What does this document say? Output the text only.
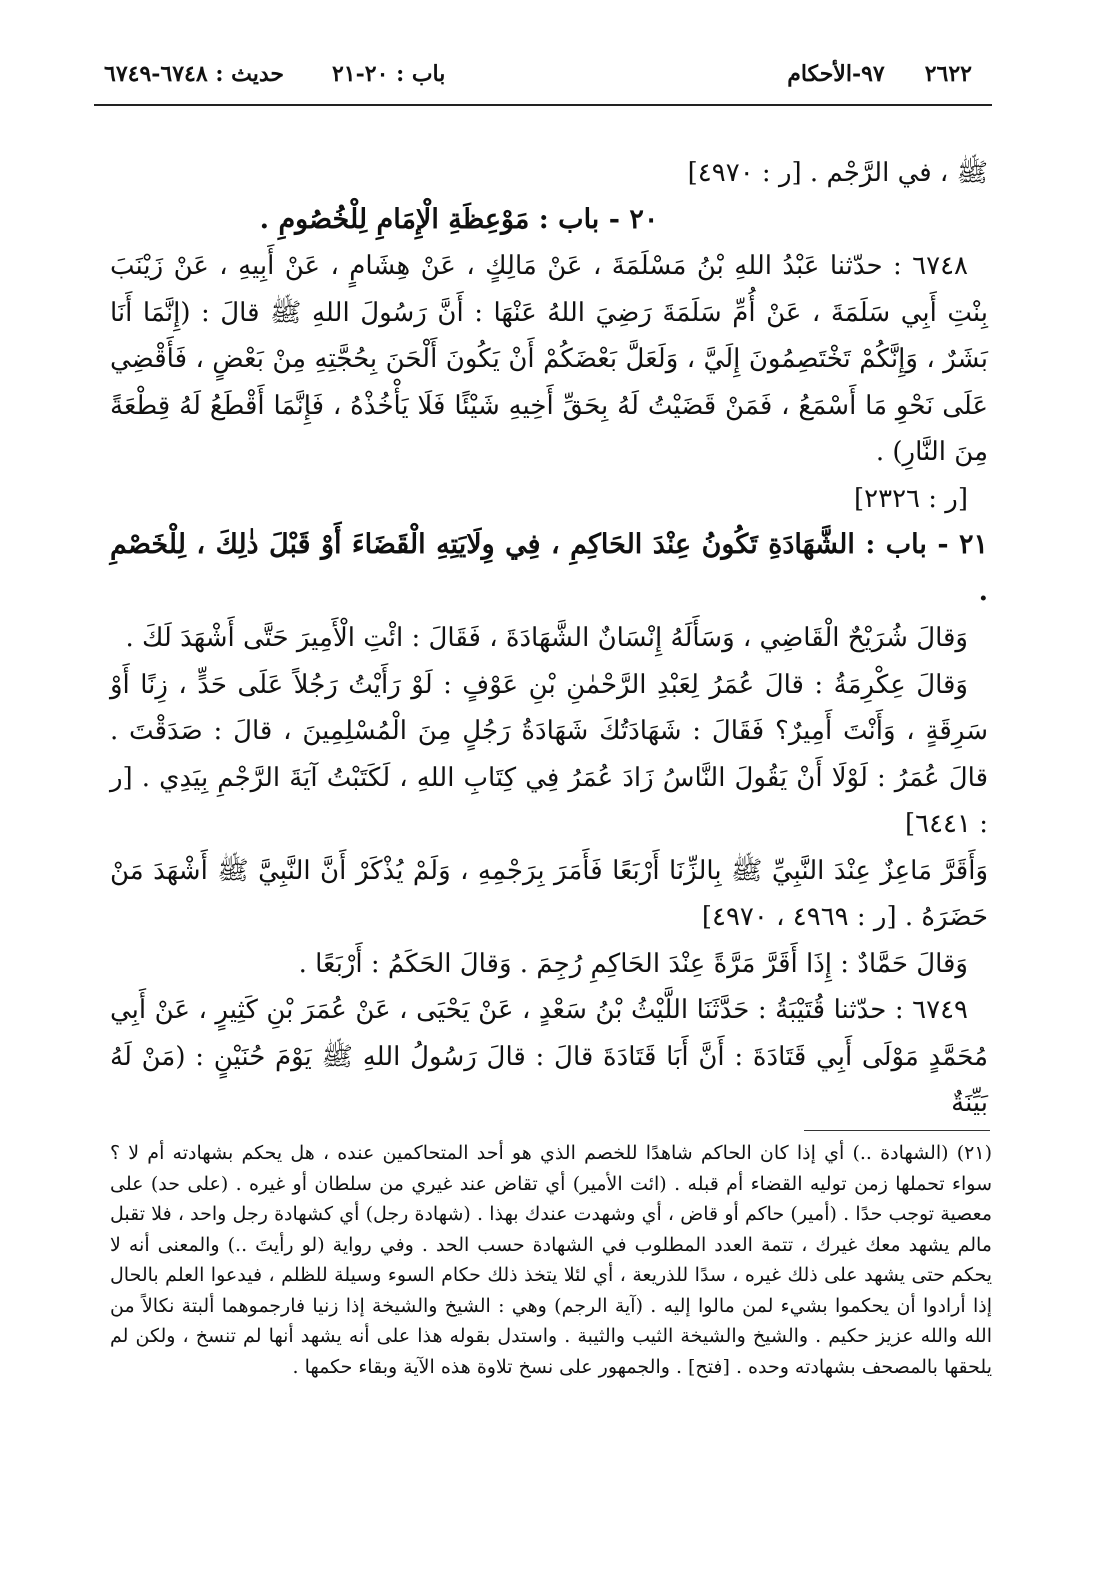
٢٦٢٢
٩٧-الأحكام
باب : ٢٠-٢١
حديث : ٦٧٤٨-٦٧٤٩

ﷺ ، في الرَّجْم . [ر : ٤٩٧٠]

٢٠ - باب : مَوْعِظَةِ الْإِمَامِ لِلْخُصُومِ .

٦٧٤٨ : حدّثنا عَبْدُ اللهِ بْنُ مَسْلَمَةَ ، عَنْ مَالِكٍ ، عَنْ هِشَامٍ ، عَنْ أَبِيهِ ، عَنْ زَيْنَبَ بِنْتِ أَبِي سَلَمَةَ ، عَنْ أُمِّ سَلَمَةَ رَضِيَ اللهُ عَنْهَا : أَنَّ رَسُولَ اللهِ ﷺ قالَ : (إِنَّمَا أَنَا بَشَرٌ ، وَإِنَّكُمْ تَخْتَصِمُونَ إِلَيَّ ، وَلَعَلَّ بَعْضَكُمْ أَنْ يَكُونَ أَلْحَنَ بِحُجَّتِهِ مِنْ بَعْضٍ ، فَأَقْضِي عَلَى نَحْوِ مَا أَسْمَعُ ، فَمَنْ قَضَيْتُ لَهُ بِحَقِّ أَخِيهِ شَيْئًا فَلَا يَأْخُذْهُ ، فَإِنَّمَا أَقْطَعُ لَهُ قِطْعَةً مِنَ النَّارِ) .

[ر : ٢٣٢٦]

٢١ - باب : الشَّهَادَةِ تَكُونُ عِنْدَ الحَاكِمِ ، فِي وِلَايَتِهِ الْقَضَاءَ أَوْ قَبْلَ ذٰلِكَ ، لِلْخَصْمِ .

وَقالَ شُرَيْحٌ الْقَاضِي ، وَسَأَلَهُ إِنْسَانٌ الشَّهَادَةَ ، فَقَالَ : ائْتِ الْأَمِيرَ حَتَّى أَشْهَدَ لَكَ .

وَقالَ عِكْرِمَةُ : قالَ عُمَرُ لِعَبْدِ الرَّحْمٰنِ بْنِ عَوْفٍ : لَوْ رَأَيْتُ رَجُلاً عَلَى حَدٍّ ، زِنًا أَوْ سَرِقَةٍ ، وَأَنْتَ أَمِيرٌ؟ فَقَالَ : شَهَادَتُكَ شَهَادَةُ رَجُلٍ مِنَ الْمُسْلِمِينَ ، قالَ : صَدَقْتَ . قالَ عُمَرُ : لَوْلَا أَنْ يَقُولَ النَّاسُ زَادَ عُمَرُ فِي كِتَابِ اللهِ ، لَكَتَبْتُ آيَةَ الرَّجْمِ بِيَدِي . [ر : ٦٤٤١]

وَأَقَرَّ مَاعِزٌ عِنْدَ النَّبِيِّ ﷺ بِالزِّنَا أَرْبَعًا فَأَمَرَ بِرَجْمِهِ ، وَلَمْ يُذْكَرْ أَنَّ النَّبِيَّ ﷺ أَشْهَدَ مَنْ حَضَرَهُ . [ر : ٤٩٦٩ ، ٤٩٧٠]

وَقالَ حَمَّادٌ : إِذَا أَقَرَّ مَرَّةً عِنْدَ الحَاكِمِ رُجِمَ . وَقالَ الحَكَمُ : أَرْبَعًا .

٦٧٤٩ : حدّثنا قُتَيْبَةُ : حَدَّثَنَا اللَّيْثُ بْنُ سَعْدٍ ، عَنْ يَحْيَى ، عَنْ عُمَرَ بْنِ كَثِيرٍ ، عَنْ أَبِي مُحَمَّدٍ مَوْلَى أَبِي قَتَادَةَ : أَنَّ أَبَا قَتَادَةَ قالَ : قالَ رَسُولُ اللهِ ﷺ يَوْمَ حُنَيْنٍ : (مَنْ لَهُ بَيِّنَةٌ

(٢١) (الشهادة ..) أي إذا كان الحاكم شاهدًا للخصم الذي هو أحد المتحاكمين عنده ، هل يحكم بشهادته أم لا ؟ سواء تحملها زمن توليه القضاء أم قبله . (ائت الأمير) أي تقاض عند غيري من سلطان أو غيره . (على حد) على معصية توجب حدًا . (أمير) حاكم أو قاض ، أي وشهدت عندك بهذا . (شهادة رجل) أي كشهادة رجل واحد ، فلا تقبل مالم يشهد معك غيرك ، تتمة العدد المطلوب في الشهادة حسب الحد . وفي رواية (لو رأيتَ ..) والمعنى أنه لا يحكم حتى يشهد على ذلك غيره ، سدًا للذريعة ، أي لئلا يتخذ ذلك حكام السوء وسيلة للظلم ، فيدعوا العلم بالحال إذا أرادوا أن يحكموا بشيء لمن مالوا إليه . (آية الرجم) وهي : الشيخ والشيخة إذا زنيا فارجموهما ألبتة نكالاً من الله والله عزيز حكيم . والشيخ والشيخة الثيب والثيبة . واستدل بقوله هذا على أنه يشهد أنها لم تنسخ ، ولكن لم يلحقها بالمصحف بشهادته وحده . [فتح] . والجمهور على نسخ تلاوة هذه الآية وبقاء حكمها .
